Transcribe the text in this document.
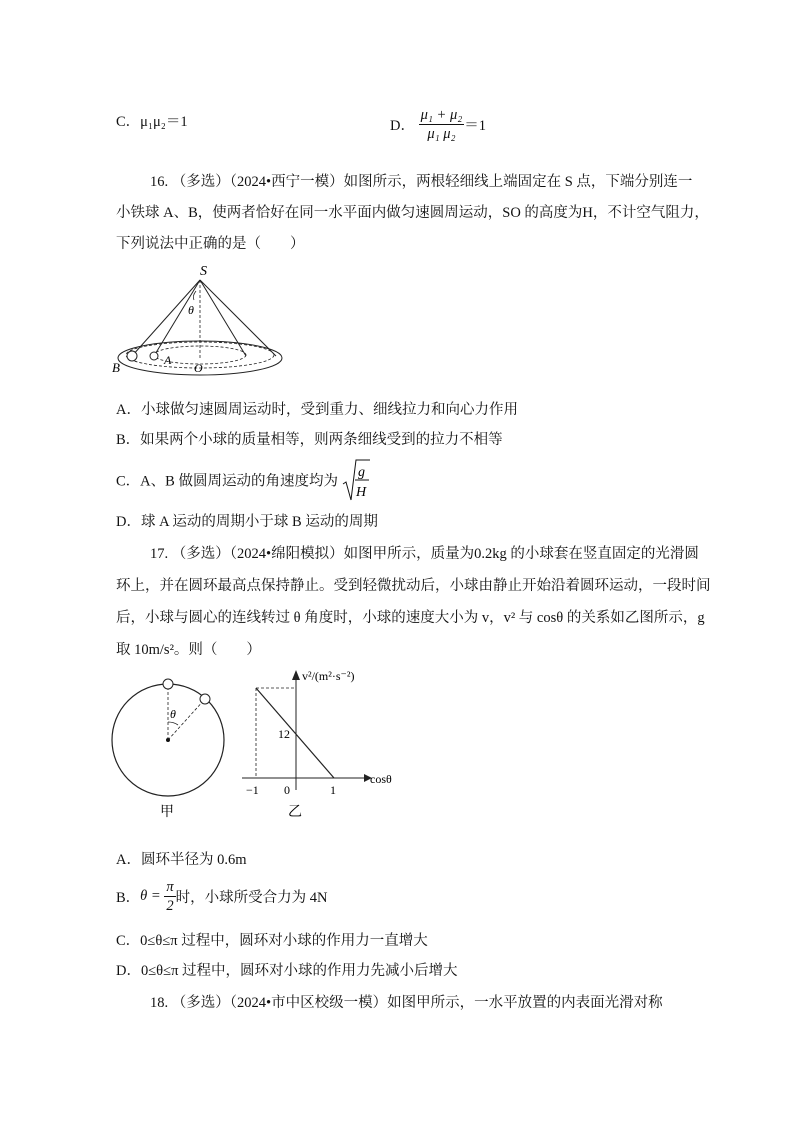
C．μ₁μ₂＝1	D． $\frac{\text{μ₁ + μ₂}}{\text{μ₁ μ₂}} =1$
16. （多选）（2024•西宁一模）如图所示，两根轻细线上端固定在 S 点，下端分别连一
小铁球 A、B，使两者恰好在同一水平面内做匀速圆周运动，SO 的高度为H，不计空气阻力，
下列说法中正确的是（　　）
S
θ
A
B	O
A．小球做匀速圆周运动时，受到重力、细线拉力和向心力作用
B．如果两个小球的质量相等，则两条细线受到的拉力不相等
C．A、B 做圆周运动的角速度均为
g
H
D．球 A 运动的周期小于球 B 运动的周期
17. （多选）（2024•绵阳模拟）如图甲所示，质量为0.2kg 的小球套在竖直固定的光滑圆
环上，并在圆环最高点保持静止。受到轻微扰动后，小球由静止开始沿着圆环运动，一段时间
后，小球与圆心的连线转过 θ 角度时，小球的速度大小为 v，v² 与 cosθ 的关系如乙图所示，g
取 10m/s²。则（　　）
θ
甲
v²/(m²·s⁻²)
cosθ
12
−1 0	1
乙
A．圆环半径为 0.6m
B．$\theta = \frac{\pi}{2}$ 时，小球所受合力为 4N
C．0≤θ≤π 过程中，圆环对小球的作用力一直增大
D．0≤θ≤π 过程中，圆环对小球的作用力先减小后增大
18. （多选）（2024•市中区校级一模）如图甲所示，一水平放置的内表面光滑对称
